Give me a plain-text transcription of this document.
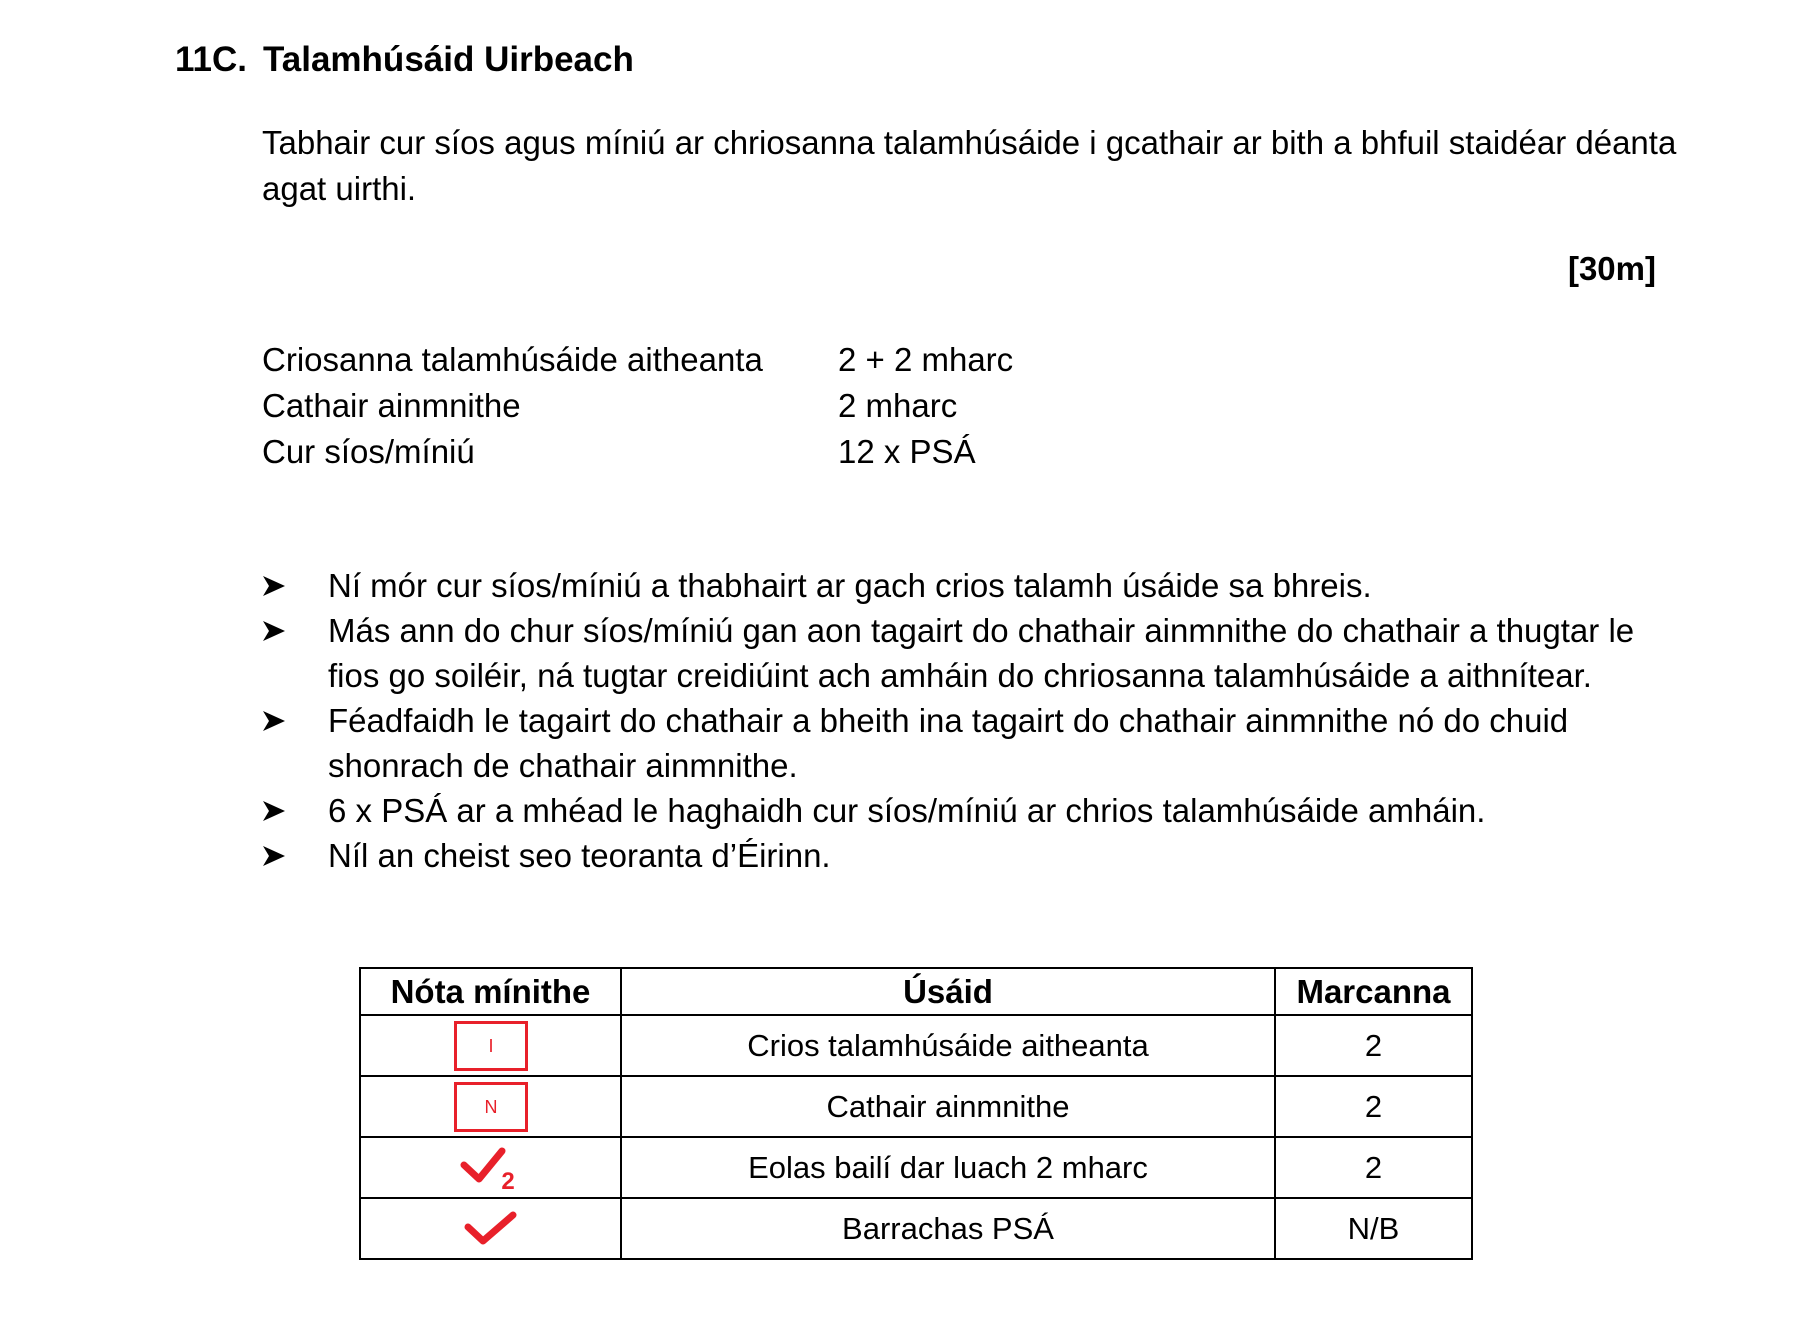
11C. Talamhúsáid Uirbeach
Tabhair cur síos agus míniú ar chriosanna talamhúsáide i gcathair ar bith a bhfuil staidéar déanta agat uirthi.
[30m]
Criosanna talamhúsáide aitheanta	2 + 2 mharc
Cathair ainmnithe	2 mharc
Cur síos/míniú	12 x PSÁ
Ní mór cur síos/míniú a thabhairt ar gach crios talamh úsáide sa bhreis.
Más ann do chur síos/míniú gan aon tagairt do chathair ainmnithe do chathair a thugtar le fios go soiléir, ná tugtar creidiúint ach amháin do chriosanna talamhúsáide a aithnítear.
Féadfaidh le tagairt do chathair a bheith ina tagairt do chathair ainmnithe nó do chuid shonrach de chathair ainmnithe.
6 x PSÁ ar a mhéad le haghaidh cur síos/míniú ar chrios talamhúsáide amháin.
Níl an cheist seo teoranta d’Éirinn.
Nóta mínithe	Úsáid	Marcanna

I	Crios talamhúsáide aitheanta	2

N	Cathair ainmnithe	2

2	Eolas bailí dar luach 2 mharc	2

	Barrachas PSÁ	N/B
